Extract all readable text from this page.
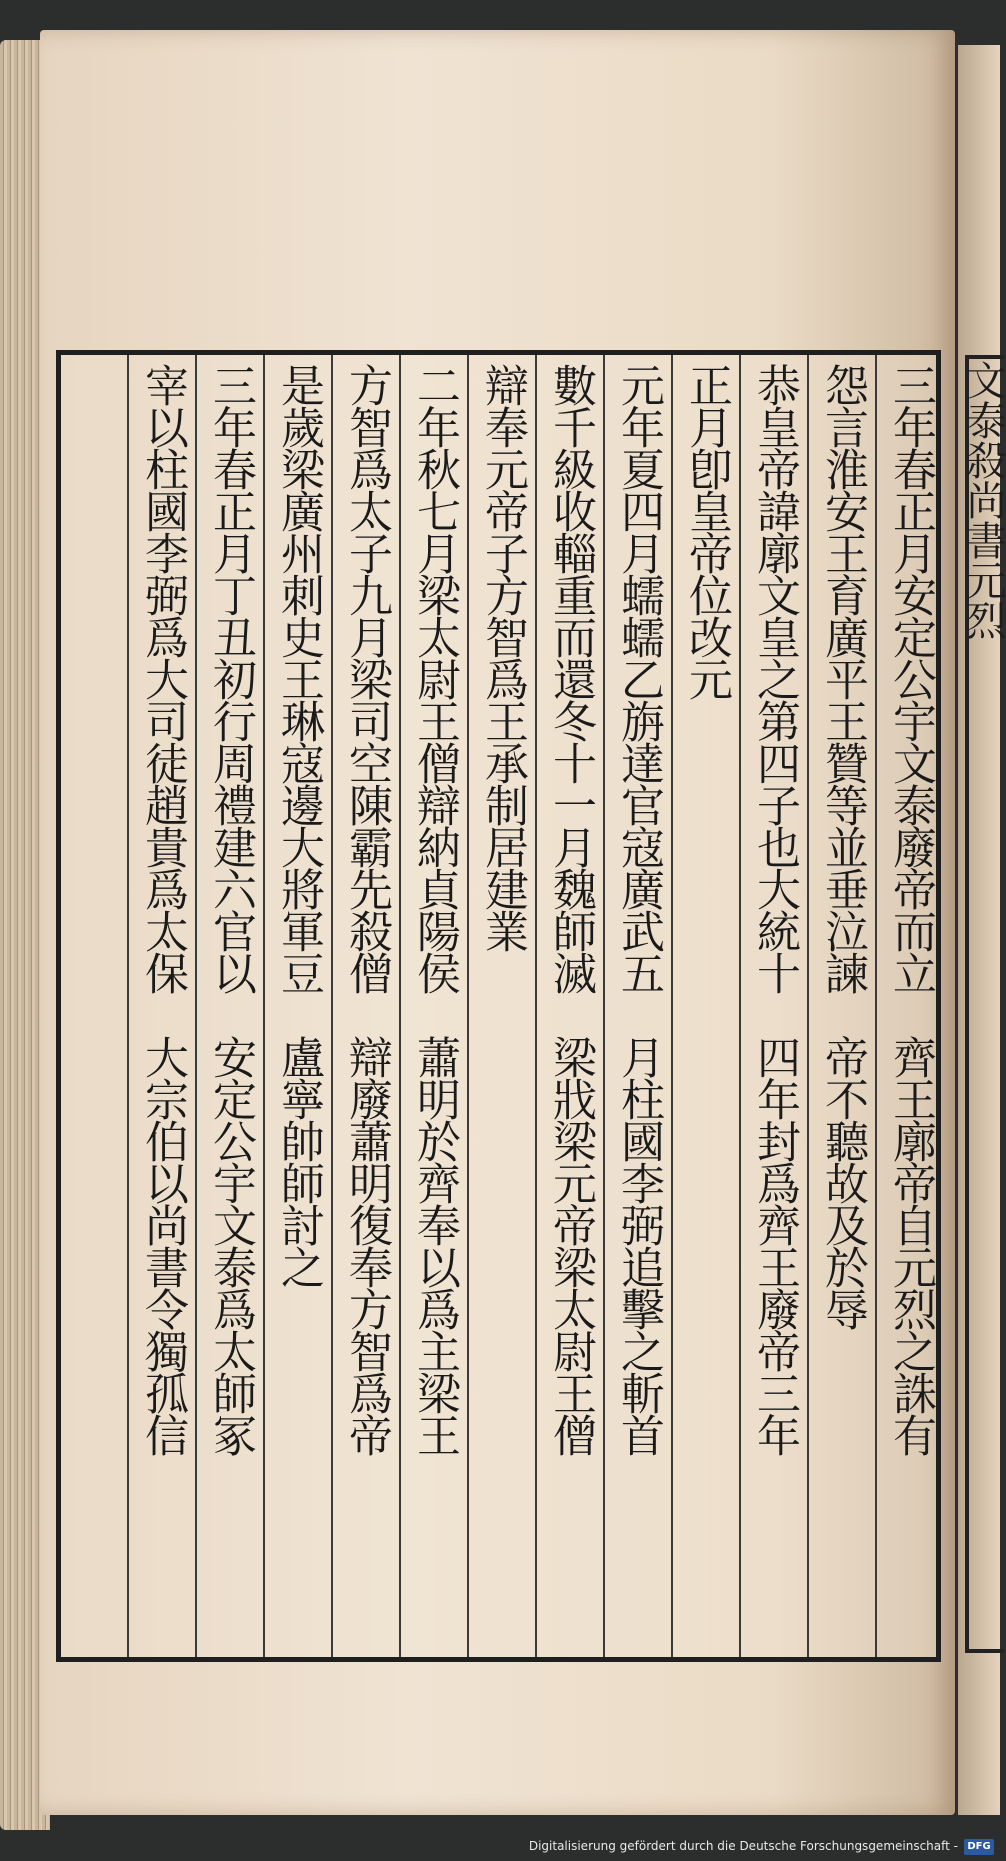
文泰殺尚書元烈
三年春正月安定公宇文泰廢帝而立　齊王廓帝自元烈之誅有
怨言淮安王育廣平王贊等並垂泣諫　帝不聽故及於辱
恭皇帝諱廓文皇之第四子也大統十　四年封爲齊王廢帝三年
正月卽皇帝位改元
元年夏四月蠕蠕乙旃達官寇廣武五　月柱國李弼追擊之斬首
數千級收輜重而還冬十一月魏師滅　梁戕梁元帝梁太尉王僧
辯奉元帝子方智爲王承制居建業
二年秋七月梁太尉王僧辯納貞陽侯　蕭明於齊奉以爲主梁王
方智爲太子九月梁司空陳霸先殺僧　辯廢蕭明復奉方智爲帝
是歲梁廣州刺史王琳寇邊大將軍豆　盧寧帥師討之
三年春正月丁丑初行周禮建六官以　安定公宇文泰爲太師冢
宰以柱國李弼爲大司徒趙貴爲太保　大宗伯以尚書令獨孤信
Digitalisierung gefördert durch die Deutsche Forschungsgemeinschaft - DFG
